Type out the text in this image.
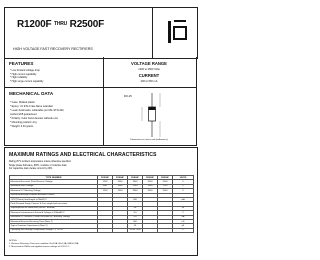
R1200F $^{THRU}$ R2500F
HIGH VOLTAGE FAST RECOVERY RECTIFIERS
FEATURES
* Low forward voltage drop
* High current capability
* High reliability
* High surge current capability
MECHANICAL DATA
* Case: Molded plastic
* Epoxy: UL 94V-0 rate flame retardant
* Lead: Axial leads, solderable per MIL-STD-202,
method 208 guaranteed
* Polarity: Color band denotes cathode end
* Mounting position: Any
* Weight: 0.40 grams
VOLTAGE RANGE
1200 to 2500 Volts
CURRENT
200 to 500 mA
DO-15
Dimensions in inches and (millimeters)
MAXIMUM RATINGS AND ELECTRICAL CHARACTERISTICS
Rating 25°C ambient temperature unless otherwise specified.
Single phase half wave, 60Hz, resistive or inductive load.
For capacitive load, derate current by 20%.
TYPE NUMBER	R1200F	R1500F	R1800F	R2000F	R2500F	UNITS
Maximum Recurrent Peak Reverse Voltage	1200	1500	1800	2000	2500	V
Maximum RMS Voltage	840	1050	1260	1400	1750	V
Maximum DC Blocking Voltage	1200	1500	1800	2000	2500	V
Maximum Average Forward Rectified Current						
.375"(9.5mm) lead length at TA=55°C			200			mA
Peak Forward Surge Current, 8.3 ms single half sine-wave						
superimposed on rated load (JEDEC method)			30			A
Maximum Instantaneous Forward Voltage at 200mA DC			3.0			V
Maximum DC Reverse Current at Rated DC Blocking Voltage			5.0			uA
Maximum Reverse Recovery Time (Note 1)			500			nS
Typical Junction Capacitance (Note 2)			15			pF
Operating and Storage Temperature Range TJ, TSTG			-65 to +150			°C
NOTES:
1. Reverse Recovery Time test condition: IF=0.5A, IR=1.0A, IRR=0.25A
2. Measured at 1MHz and applied reverse voltage of 4.0V D.C.
